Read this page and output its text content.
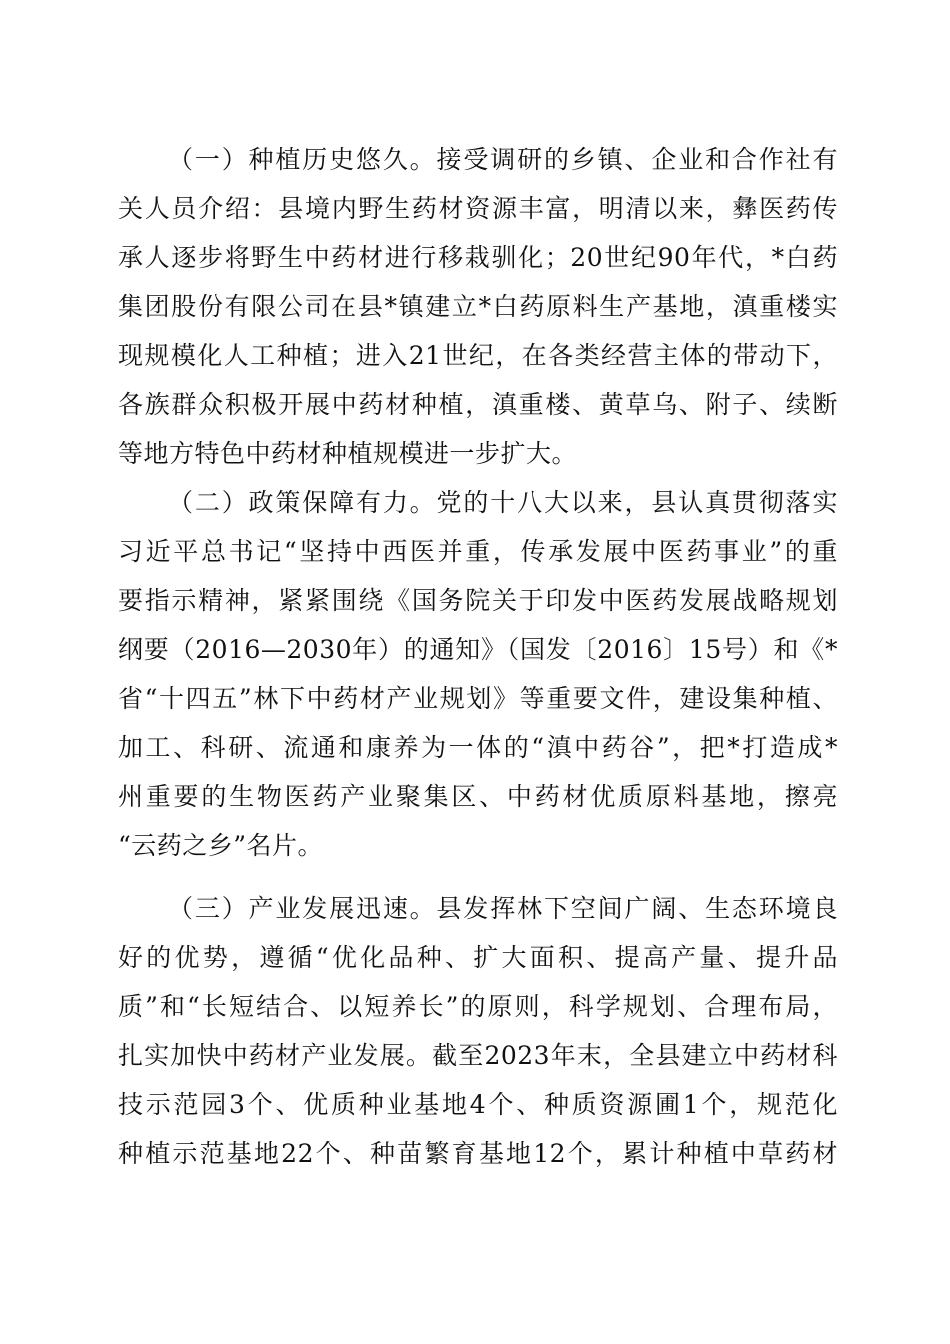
（一）种植历史悠久。接受调研的乡镇、企业和合作社有
关人员介绍：县境内野生药材资源丰富，明清以来，彝医药传
承人逐步将野生中药材进行移栽驯化；20世纪90年代，*白药
集团股份有限公司在县*镇建立*白药原料生产基地，滇重楼实
现规模化人工种植；进入21世纪，在各类经营主体的带动下，
各族群众积极开展中药材种植，滇重楼、黄草乌、附子、续断
等地方特色中药材种植规模进一步扩大。
（二）政策保障有力。党的十八大以来，县认真贯彻落实
习近平总书记“坚持中西医并重，传承发展中医药事业”的重
要指示精神，紧紧围绕《国务院关于印发中医药发展战略规划
纲要（2016—2030年）的通知》（国发〔2016〕15号）和《*
省“十四五”林下中药材产业规划》等重要文件，建设集种植、
加工、科研、流通和康养为一体的“滇中药谷”，把*打造成*
州重要的生物医药产业聚集区、中药材优质原料基地，擦亮
“云药之乡”名片。
（三）产业发展迅速。县发挥林下空间广阔、生态环境良
好的优势，遵循“优化品种、扩大面积、提高产量、提升品
质”和“长短结合、以短养长”的原则，科学规划、合理布局，
扎实加快中药材产业发展。截至2023年末，全县建立中药材科
技示范园3个、优质种业基地4个、种质资源圃1个，规范化
种植示范基地22个、种苗繁育基地12个，累计种植中草药材
